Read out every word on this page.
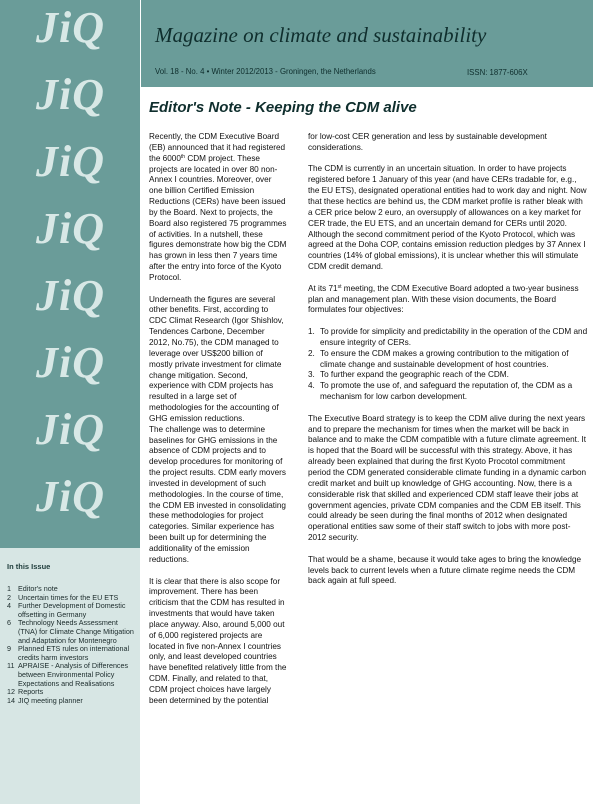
JiQ
JiQ
JiQ
JiQ
JiQ
JiQ
JiQ
JiQ
In this Issue
1 Editor's note
2 Uncertain times for the EU ETS
4 Further Development of Domestic offsetting in Germany
6 Technology Needs Assessment (TNA) for Climate Change Mitigation and Adaptation for Montenegro
9 Planned ETS rules on international credits harm investors
11 APRAISE - Analysis of Differences between Environmental Policy Expectations and Realisations
12 Reports
14 JIQ meeting planner
Magazine on climate and sustainability
Vol. 18 - No. 4 • Winter 2012/2013 - Groningen, the Netherlands	ISSN: 1877-606X
Editor's Note - Keeping the CDM alive

Recently, the CDM Executive Board (EB) announced that it had registered the 6000th CDM project. These projects are located in over 80 non-Annex I countries. Moreover, over one billion Certified Emission Reductions (CERs) have been issued by the Board. Next to projects, the Board also registered 75 programmes of activities. In a nutshell, these figures demonstrate how big the CDM has grown in less then 7 years time after the entry into force of the Kyoto Protocol.

Underneath the figures are several other benefits. First, according to CDC Climat Research (Igor Shishlov, Tendences Carbone, December 2012, No.75), the CDM managed to leverage over US$200 billion of mostly private investment for climate change mitigation. Second, experience with CDM projects has resulted in a large set of methodologies for the accounting of GHG emission reductions.

The challenge was to determine baselines for GHG emissions in the absence of CDM projects and to develop procedures for monitoring of the project results. CDM early movers invested in development of such methodologies. In the course of time, the CDM EB invested in consolidating these methodologies for project categories. Similar experience has been built up for determining the additionality of the emission reductions.

It is clear that there is also scope for improvement. There has been criticism that the CDM has resulted in investments that would have taken place anyway. Also, around 5,000 out of 6,000 registered projects are located in five non-Annex I countries only, and least developed countries have benefited relatively little from the CDM. Finally, and related to that, CDM project choices have largely been determined by the potential

for low-cost CER generation and less by sustainable development considerations.

The CDM is currently in an uncertain situation. In order to have projects registered before 1 January of this year (and have CERs tradable for, e.g., the EU ETS), designated operational entities had to work day and night. Now that these hectics are behind us, the CDM market profile is rather bleak with a CER price below 2 euro, an oversupply of allowances on a key market for CER trade, the EU ETS, and an uncertain demand for CERs until 2020. Although the second commitment period of the Kyoto Protocol, which was agreed at the Doha COP, contains emission reduction pledges by 37 Annex I countries (14% of global emissions), it is unclear whether this will stimulate CDM credit demand.

At its 71st meeting, the CDM Executive Board adopted a two-year business plan and management plan. With these vision documents, the Board formulates four objectives:

1. To provide for simplicity and predictability in the operation of the CDM and ensure integrity of CERs.
2. To ensure the CDM makes a growing contribution to the mitigation of climate change and sustainable development of host countries.
3. To further expand the geographic reach of the CDM.
4. To promote the use of, and safeguard the reputation of, the CDM as a mechanism for low carbon development.

The Executive Board strategy is to keep the CDM alive during the next years and to prepare the mechanism for times when the market will be back in balance and to make the CDM compatible with a future climate agreement. It is hoped that the Board will be successful with this strategy. Above, it has already been explained that during the first Kyoto Procotol commitment period the CDM generated considerable climate funding in a dynamic carbon credit market and built up knowledge of GHG accounting. Now, there is a considerable risk that skilled and experienced CDM staff leave their jobs at government agencies, private CDM companies and the CDM EB itself. This could already be seen during the final months of 2012 when designated operational entities saw some of their staff switch to jobs with more post-2012 security.

That would be a shame, because it would take ages to bring the knowledge levels back to current levels when a future climate regime needs the CDM back again at full speed.
